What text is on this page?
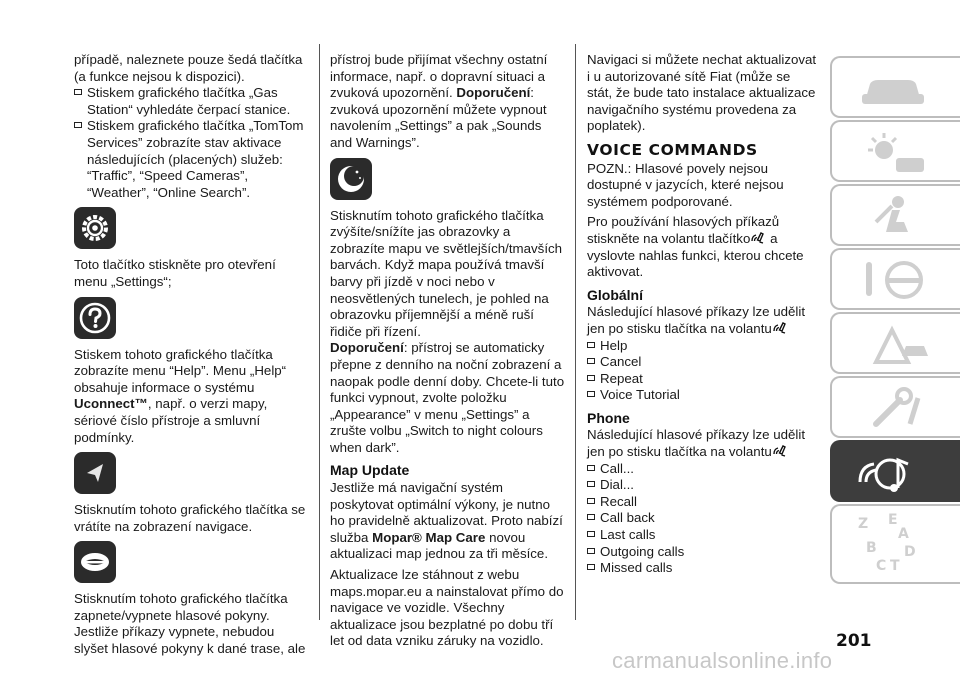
případě, naleznete pouze šedá tlačítka (a funkce nejsou k dispozici).

Stiskem grafického tlačítka „Gas Station“ vyhledáte čerpací stanice.

Stiskem grafického tlačítka „TomTom Services” zobrazíte stav aktivace následujících (placených) služeb: “Traffic”, “Speed Cameras”, “Weather”, “Online Search”.

Toto tlačítko stiskněte pro otevření menu „Settings“;

Stiskem tohoto grafického tlačítka zobrazíte menu “Help”. Menu „Help“ obsahuje informace o systému
Uconnect™, např. o verzi mapy, sériové číslo přístroje a smluvní podmínky.

Stisknutím tohoto grafického tlačítka se vrátíte na zobrazení navigace.

Stisknutím tohoto grafického tlačítka zapnete/vypnete hlasové pokyny. Jestliže příkazy vypnete, nebudou slyšet hlasové pokyny k dané trase, ale

přístroj bude přijímat všechny ostatní informace, např. o dopravní situaci a zvuková upozornění. Doporučení: zvuková upozornění můžete vypnout navolením „Settings” a pak „Sounds and Warnings”.

Stisknutím tohoto grafického tlačítka zvýšíte/snížíte jas obrazovky a zobrazíte mapu ve světlejších/tmavších barvách. Když mapa používá tmavší barvy při jízdě v noci nebo v neosvětlených tunelech, je pohled na obrazovku příjemnější a méně ruší řidiče při řízení.

Doporučení: přístroj se automaticky přepne z denního na noční zobrazení a naopak podle denní doby. Chcete-li tuto funkci vypnout, zvolte položku „Appearance” v menu „Settings” a zrušte volbu „Switch to night colours when dark”.

Map Update

Jestliže má navigační systém poskytovat optimální výkony, je nutno ho pravidelně aktualizovat. Proto nabízí služba Mopar® Map Care novou aktualizaci map jednou za tři měsíce.

Aktualizace lze stáhnout z webu maps.mopar.eu a nainstalovat přímo do navigace ve vozidle. Všechny aktualizace jsou bezplatné po dobu tří let od data vzniku záruky na vozidlo.

Navigaci si můžete nechat aktualizovat i u autorizované sítě Fiat (může se stát, že bude tato instalace aktualizace navigačního systému provedena za poplatek).

VOICE COMMANDS

POZN.: Hlasové povely nejsou dostupné v jazycích, které nejsou systémem podporované.

Pro používání hlasových příkazů stiskněte na volantu tlačítko a vyslovte nahlas funkci, kterou chcete aktivovat.

Globální

Následující hlasové příkazy lze udělit jen po stisku tlačítka na volantu

Help

Cancel

Repeat

Voice Tutorial

Phone

Následující hlasové příkazy lze udělit jen po stisku tlačítka na volantu

Call...

Dial...

Recall

Call back

Last calls

Outgoing calls

Missed calls

Z E
B
C T
D
A
201
carmanualsonline.info
